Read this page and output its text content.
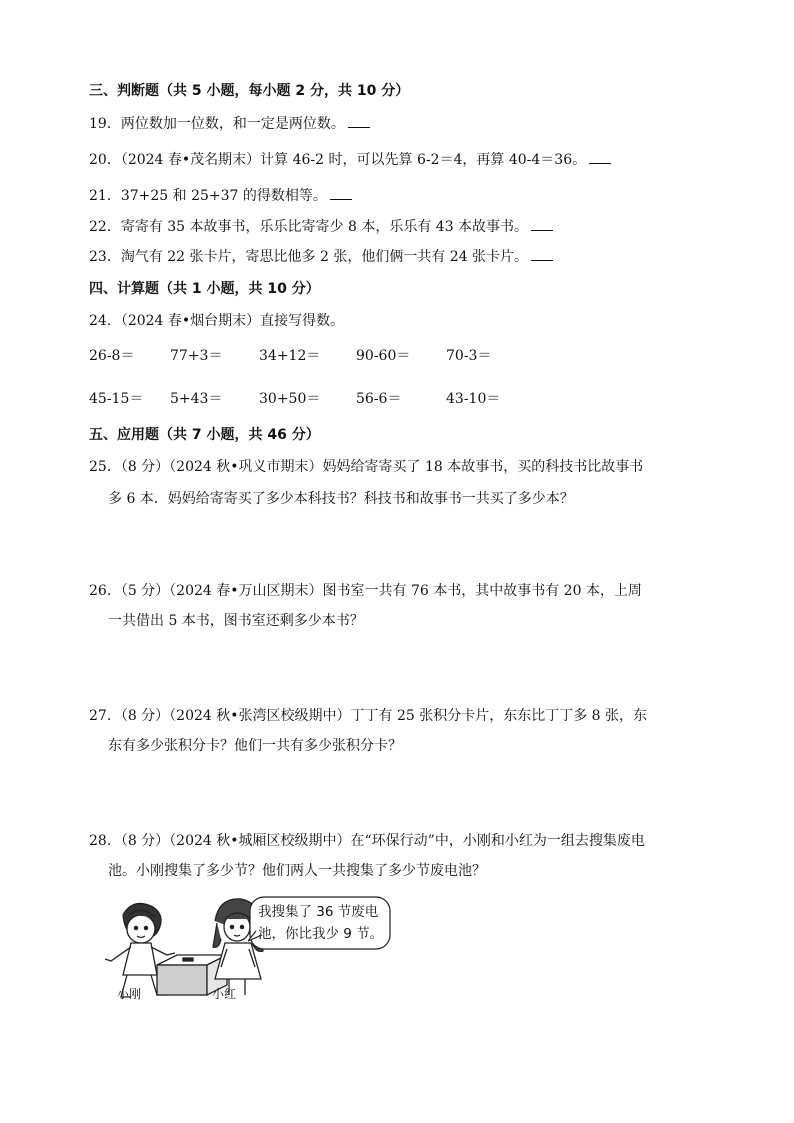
三、判断题（共 5 小题，每小题 2 分，共 10 分）
19．两位数加一位数，和一定是两位数。
20．（2024 春•茂名期末）计算 46-2 时，可以先算 6-2＝4，再算 40-4＝36。
21．37+25 和 25+37 的得数相等。
22．寄寄有 35 本故事书，乐乐比寄寄少 8 本，乐乐有 43 本故事书。
23．淘气有 22 张卡片，寄思比他多 2 张，他们俩一共有 24 张卡片。
四、计算题（共 1 小题，共 10 分）
24．（2024 春•烟台期末）直接写得数。
26-8＝	77+3＝	34+12＝	90-60＝	70-3＝
45-15＝ 5+43＝	30+50＝	56-6＝	43-10＝
五、应用题（共 7 小题，共 46 分）
25．（8 分）（2024 秋•巩义市期末）妈妈给寄寄买了 18 本故事书，买的科技书比故事书
多 6 本．妈妈给寄寄买了多少本科技书？科技书和故事书一共买了多少本？
26．（5 分）（2024 春•万山区期末）图书室一共有 76 本书，其中故事书有 20 本，上周
一共借出 5 本书，图书室还剩多少本书？
27．（8 分）（2024 秋•张湾区校级期中）丁丁有 25 张积分卡片，东东比丁丁多 8 张，东
东有多少张积分卡？他们一共有多少张积分卡？
28．（8 分）（2024 秋•城厢区校级期中）在“环保行动”中，小刚和小红为一组去搜集废电
池。小刚搜集了多少节？他们两人一共搜集了多少节废电池？
我搜集了 36 节废电
池，你比我少 9 节。
小刚	小红
